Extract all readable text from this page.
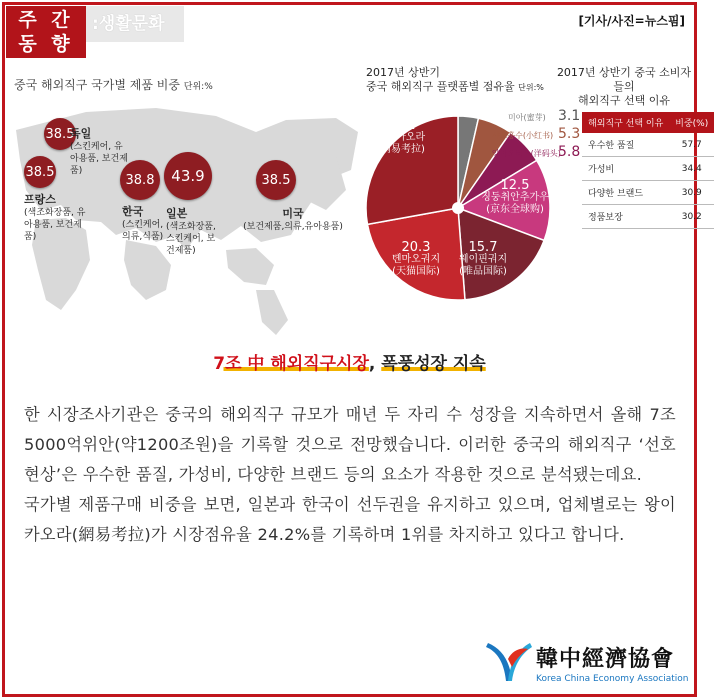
주 간
동 향
:생활문화	[기사/사진=뉴스핌]
중국 해외직구 국가별 제품 비중 단위:%
38.5
독일
(스킨케어, 유아용품, 보건제품)
38.5
프랑스
(색조화장품, 유아용품, 보건제품)
38.8
한국
(스킨케어, 의류,식품)
43.9
일본
(색조화장품, 스킨케어, 보건제품)
38.5
미국
(보건제품,의류,유아용품)
2017년 상반기
중국 해외직구 플랫폼별 점유율 단위:%
24.2
왕이카오라
(网易考拉)
12.5
징둥취안추가우
(京东全球购)
15.7
웨이핀궈지
(唯品国际)
20.3
톈마오궈지
(天猫国际)
미아(蜜芽) 3.1
샤오훙수(小红书) 5.3
양마오터우(洋码头)
5.8
2017년 상반기 중국 소비자들의
해외직구 선택 이유
해외직구 선택 이유	비중(%)
우수한 품질	57.7
가성비	34.4
다양한 브랜드	30.9
정품보장	30.2
7조 中 해외직구시장, 폭풍성장 지속

한 시장조사기관은 중국의 해외직구 규모가 매년 두 자리 수 성장을 지속하면서 올해 7조 5000억위안(약1200조원)을 기록할 것으로 전망했습니다. 이러한 중국의 해외직구 ‘선호 현상’은 우수한 품질, 가성비, 다양한 브랜드 등의 요소가 작용한 것으로 분석됐는데요.

국가별 제품구매 비중을 보면, 일본과 한국이 선두권을 유지하고 있으며, 업체별로는 왕이카오라(網易考拉)가 시장점유율 24.2%를 기록하며 1위를 차지하고 있다고 합니다.

韓中經濟協會
Korea China Economy Association
